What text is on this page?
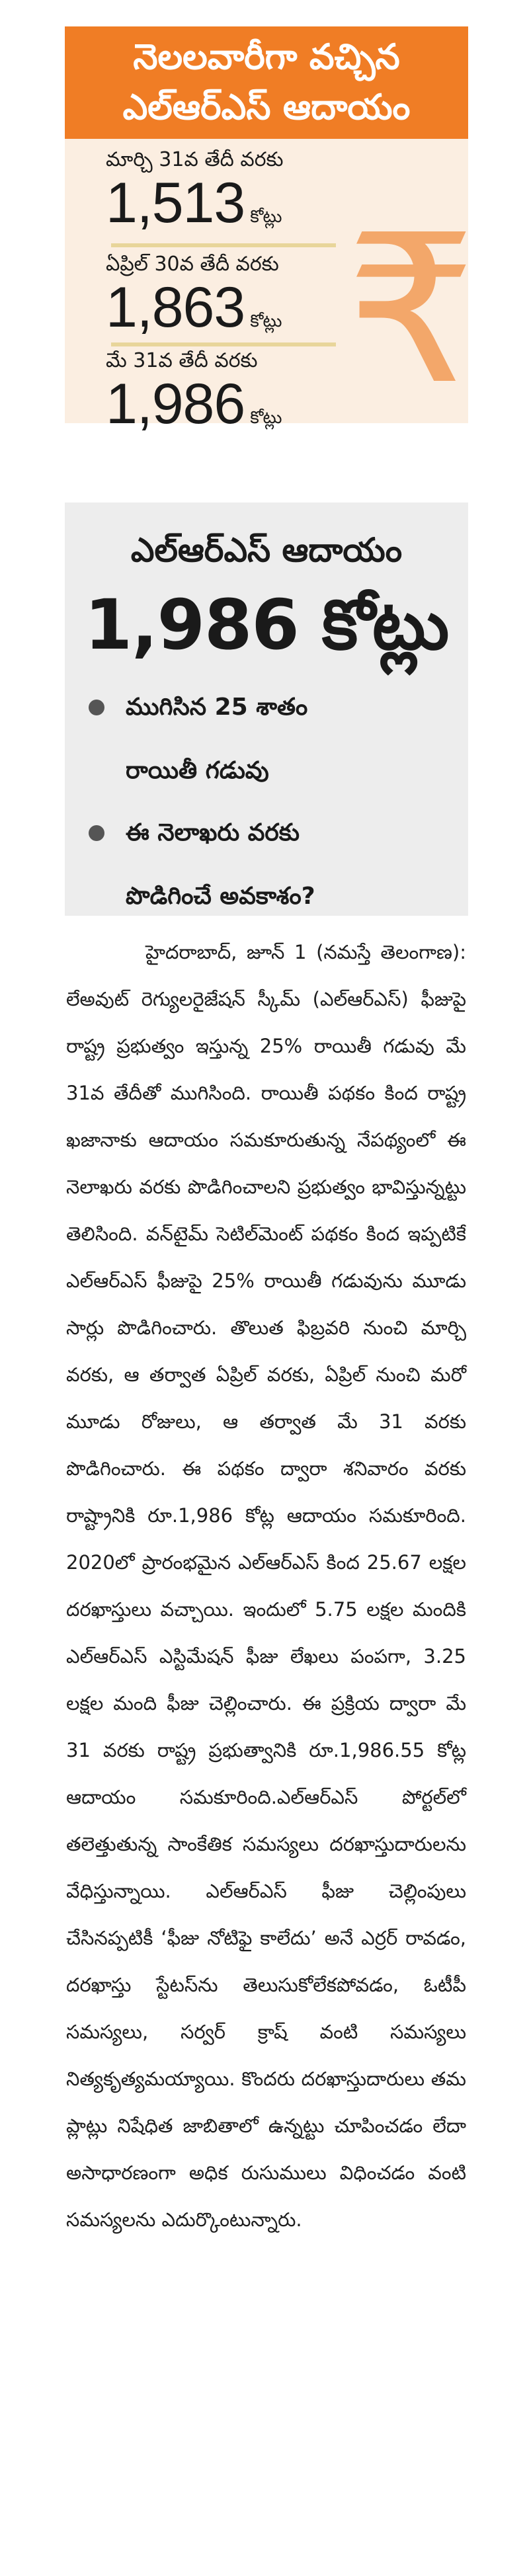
నెలలవారీగా వచ్చిన
ఎల్‌ఆర్‌ఎస్ ఆదాయం
₹
మార్చి 31వ తేదీ వరకు
1,513 కోట్లు
ఏప్రిల్ 30వ తేదీ వరకు
1,863 కోట్లు
మే 31వ తేదీ వరకు
1,986 కోట్లు
ఎల్‌ఆర్‌ఎస్ ఆదాయం
1,986 కోట్లు
ముగిసిన 25 శాతం
రాయితీ గడువు
ఈ నెలాఖరు వరకు
పొడిగించే అవకాశం?
హైదరాబాద్, జూన్ 1 (నమస్తే తెలంగాణ): లేఅవుట్ రెగ్యులరైజేషన్ స్కీమ్ (ఎల్‌ఆర్‌ఎస్) ఫీజుపై రాష్ట్ర ప్రభుత్వం ఇస్తున్న 25% రాయితీ గడువు మే 31వ తేదీతో ముగిసింది. రాయితీ పథకం కింద రాష్ట్ర ఖజానాకు ఆదాయం సమకూరుతున్న నేపథ్యంలో ఈ నెలాఖరు వరకు పొడిగించాలని ప్రభుత్వం భావిస్తున్నట్టు తెలిసింది. వన్‌టైమ్ సెటిల్‌మెంట్ పథకం కింద ఇప్పటికే ఎల్‌ఆర్‌ఎస్ ఫీజుపై 25% రాయితీ గడువును మూడు సార్లు పొడిగించారు. తొలుత ఫిబ్రవరి నుంచి మార్చి వరకు, ఆ తర్వాత ఏప్రిల్ వరకు, ఏప్రిల్ నుంచి మరో మూడు రోజులు, ఆ తర్వాత మే 31 వరకు పొడిగించారు. ఈ పథకం ద్వారా శనివారం వరకు రాష్ట్రానికి రూ.1,986 కోట్ల ఆదాయం సమకూరింది. 2020లో ప్రారంభమైన ఎల్‌ఆర్‌ఎస్ కింద 25.67 లక్షల దరఖాస్తులు వచ్చాయి. ఇందులో 5.75 లక్షల మందికి ఎల్‌ఆర్‌ఎస్ ఎస్టిమేషన్ ఫీజు లేఖలు పంపగా, 3.25 లక్షల మంది ఫీజు చెల్లించారు. ఈ ప్రక్రియ ద్వారా మే 31 వరకు రాష్ట్ర ప్రభుత్వానికి రూ.1,986.55 కోట్ల ఆదాయం సమకూరింది.ఎల్‌ఆర్‌ఎస్ పోర్టల్‌లో తలెత్తుతున్న సాంకేతిక సమస్యలు దరఖాస్తుదారులను వేధిస్తున్నాయి. ఎల్‌ఆర్‌ఎస్ ఫీజు చెల్లింపులు చేసినప్పటికీ ‘ఫీజు నోటిఫై కాలేదు’ అనే ఎర్రర్ రావడం, దరఖాస్తు స్టేటస్‌ను తెలుసుకోలేకపోవడం, ఓటీపీ సమస్యలు, సర్వర్ క్రాష్ వంటి సమస్యలు నిత్యకృత్యమయ్యాయి. కొందరు దరఖాస్తుదారులు తమ ప్లాట్లు నిషేధిత జాబితాలో ఉన్నట్టు చూపించడం లేదా అసాధారణంగా అధిక రుసుములు విధించడం వంటి సమస్యలను ఎదుర్కొంటున్నారు.
